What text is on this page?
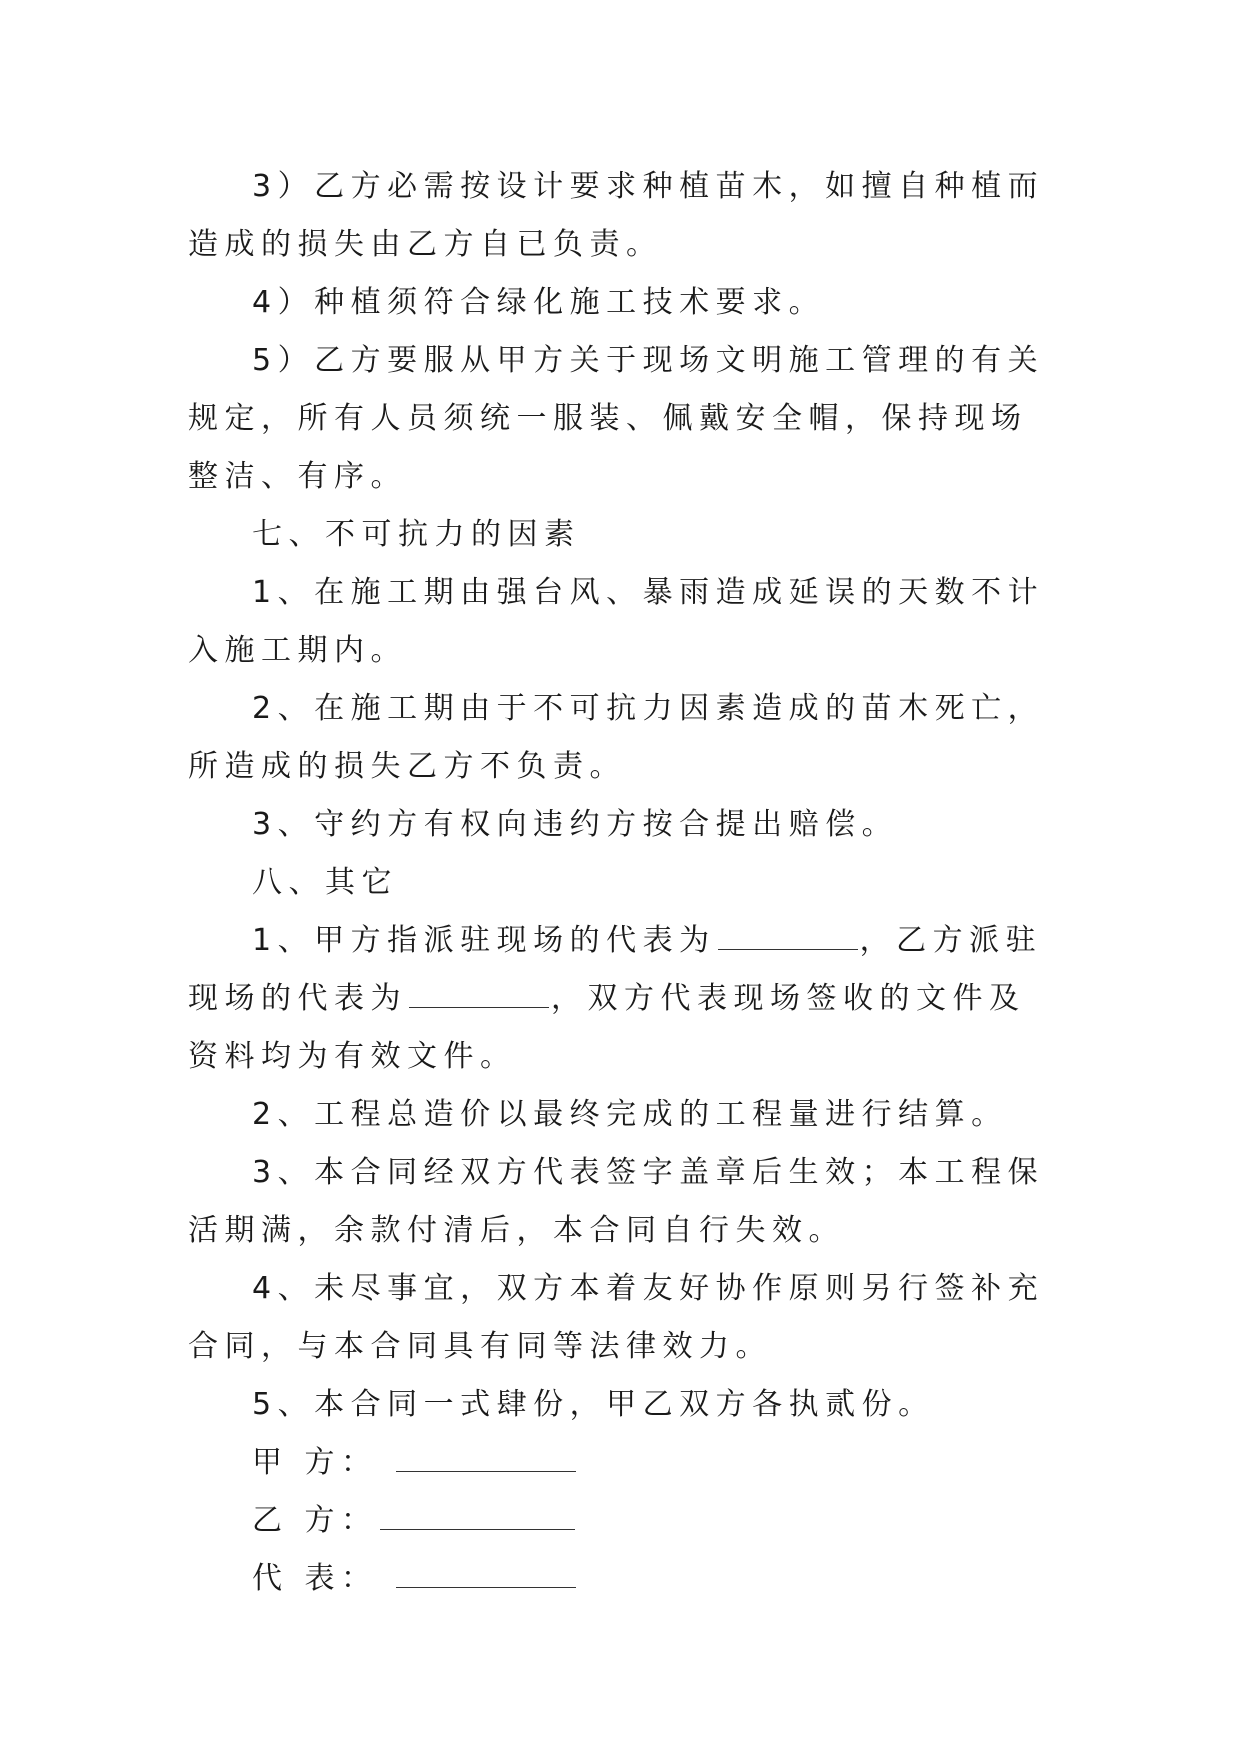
3）乙方必需按设计要求种植苗木，如擅自种植而造成的损失由乙方自已负责。

4）种植须符合绿化施工技术要求。

5）乙方要服从甲方关于现场文明施工管理的有关规定，所有人员须统一服装、佩戴安全帽，保持现场整洁、有序。

七、不可抗力的因素

1、在施工期由强台风、暴雨造成延误的天数不计入施工期内。

2、在施工期由于不可抗力因素造成的苗木死亡，所造成的损失乙方不负责。

3、守约方有权向违约方按合提出赔偿。

八、其它

1、甲方指派驻现场的代表为	，乙方派驻现场的代表为	，双方代表现场签收的文件及资料均为有效文件。

2、工程总造价以最终完成的工程量进行结算。

3、本合同经双方代表签字盖章后生效；本工程保活期满，余款付清后，本合同自行失效。

4、未尽事宜，双方本着友好协作原则另行签补充合同，与本合同具有同等法律效力。

5、本合同一式肆份，甲乙双方各执贰份。

甲 方：

乙 方：

代 表：
